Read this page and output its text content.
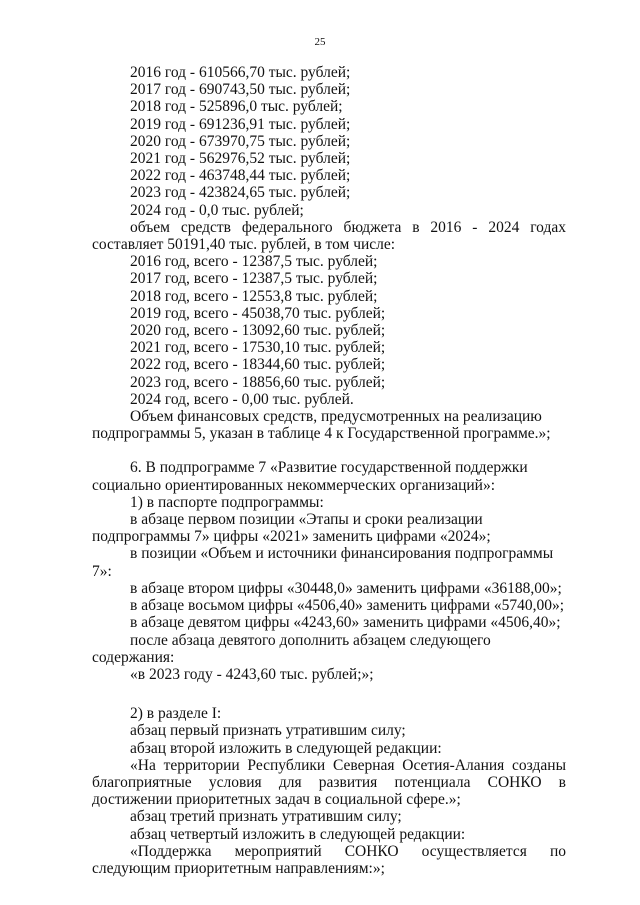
25

2016 год - 610566,70 тыс. рублей;

2017 год - 690743,50 тыс. рублей;

2018 год - 525896,0 тыс. рублей;

2019 год - 691236,91 тыс. рублей;

2020 год - 673970,75 тыс. рублей;

2021 год - 562976,52 тыс. рублей;

2022 год - 463748,44 тыс. рублей;

2023 год - 423824,65 тыс. рублей;

2024 год - 0,0 тыс. рублей;

объем средств федерального бюджета в 2016 - 2024 годах составляет 50191,40 тыс. рублей, в том числе:

2016 год, всего - 12387,5 тыс. рублей;

2017 год, всего - 12387,5 тыс. рублей;

2018 год, всего - 12553,8 тыс. рублей;

2019 год, всего - 45038,70 тыс. рублей;

2020 год, всего - 13092,60 тыс. рублей;

2021 год, всего - 17530,10 тыс. рублей;

2022 год, всего - 18344,60 тыс. рублей;

2023 год, всего - 18856,60 тыс. рублей;

2024 год, всего - 0,00 тыс. рублей.

Объем финансовых средств, предусмотренных на реализацию подпрограммы 5, указан в таблице 4 к Государственной программе.»;

6. В подпрограмме 7 «Развитие государственной поддержки социально ориентированных некоммерческих организаций»:

1) в паспорте подпрограммы:

в абзаце первом позиции «Этапы и сроки реализации подпрограммы 7» цифры «2021» заменить цифрами «2024»;

в позиции «Объем и источники финансирования подпрограммы 7»:

в абзаце втором цифры «30448,0» заменить цифрами «36188,00»;

в абзаце восьмом цифры «4506,40» заменить цифрами «5740,00»;

в абзаце девятом цифры «4243,60» заменить цифрами «4506,40»;

после абзаца девятого дополнить абзацем следующего содержания:

«в 2023 году - 4243,60 тыс. рублей;»;

2) в разделе I:

абзац первый признать утратившим силу;

абзац второй изложить в следующей редакции:

«На территории Республики Северная Осетия-Алания созданы благоприятные условия для развития потенциала СОНКО в достижении приоритетных задач в социальной сфере.»;

абзац третий признать утратившим силу;

абзац четвертый изложить в следующей редакции:

«Поддержка мероприятий СОНКО осуществляется по следующим приоритетным направлениям:»;
